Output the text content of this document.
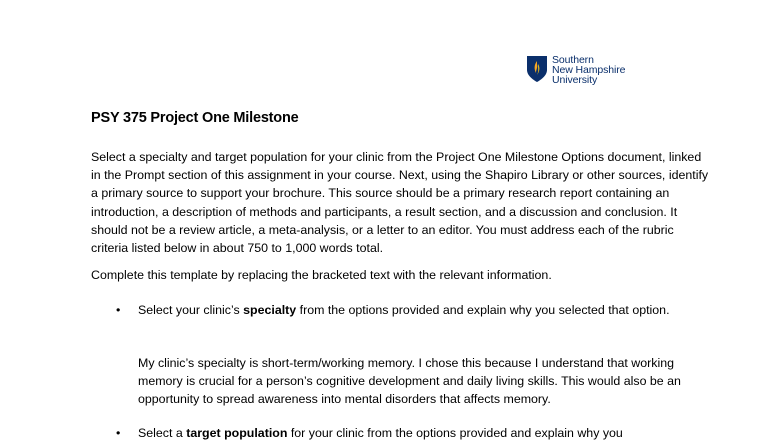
Southern
New Hampshire
University
PSY 375 Project One Milestone

Select a specialty and target population for your clinic from the Project One Milestone Options document, linked in the Prompt section of this assignment in your course. Next, using the Shapiro Library or other sources, identify a primary source to support your brochure. This source should be a primary research report containing an introduction, a description of methods and participants, a result section, and a discussion and conclusion. It should not be a review article, a meta-analysis, or a letter to an editor. You must address each of the rubric criteria listed below in about 750 to 1,000 words total.

Complete this template by replacing the bracketed text with the relevant information.

• Select your clinic’s specialty from the options provided and explain why you selected that option.

My clinic’s specialty is short-term/working memory. I chose this because I understand that working memory is crucial for a person’s cognitive development and daily living skills. This would also be an opportunity to spread awareness into mental disorders that affects memory.

• Select a target population for your clinic from the options provided and explain why you
